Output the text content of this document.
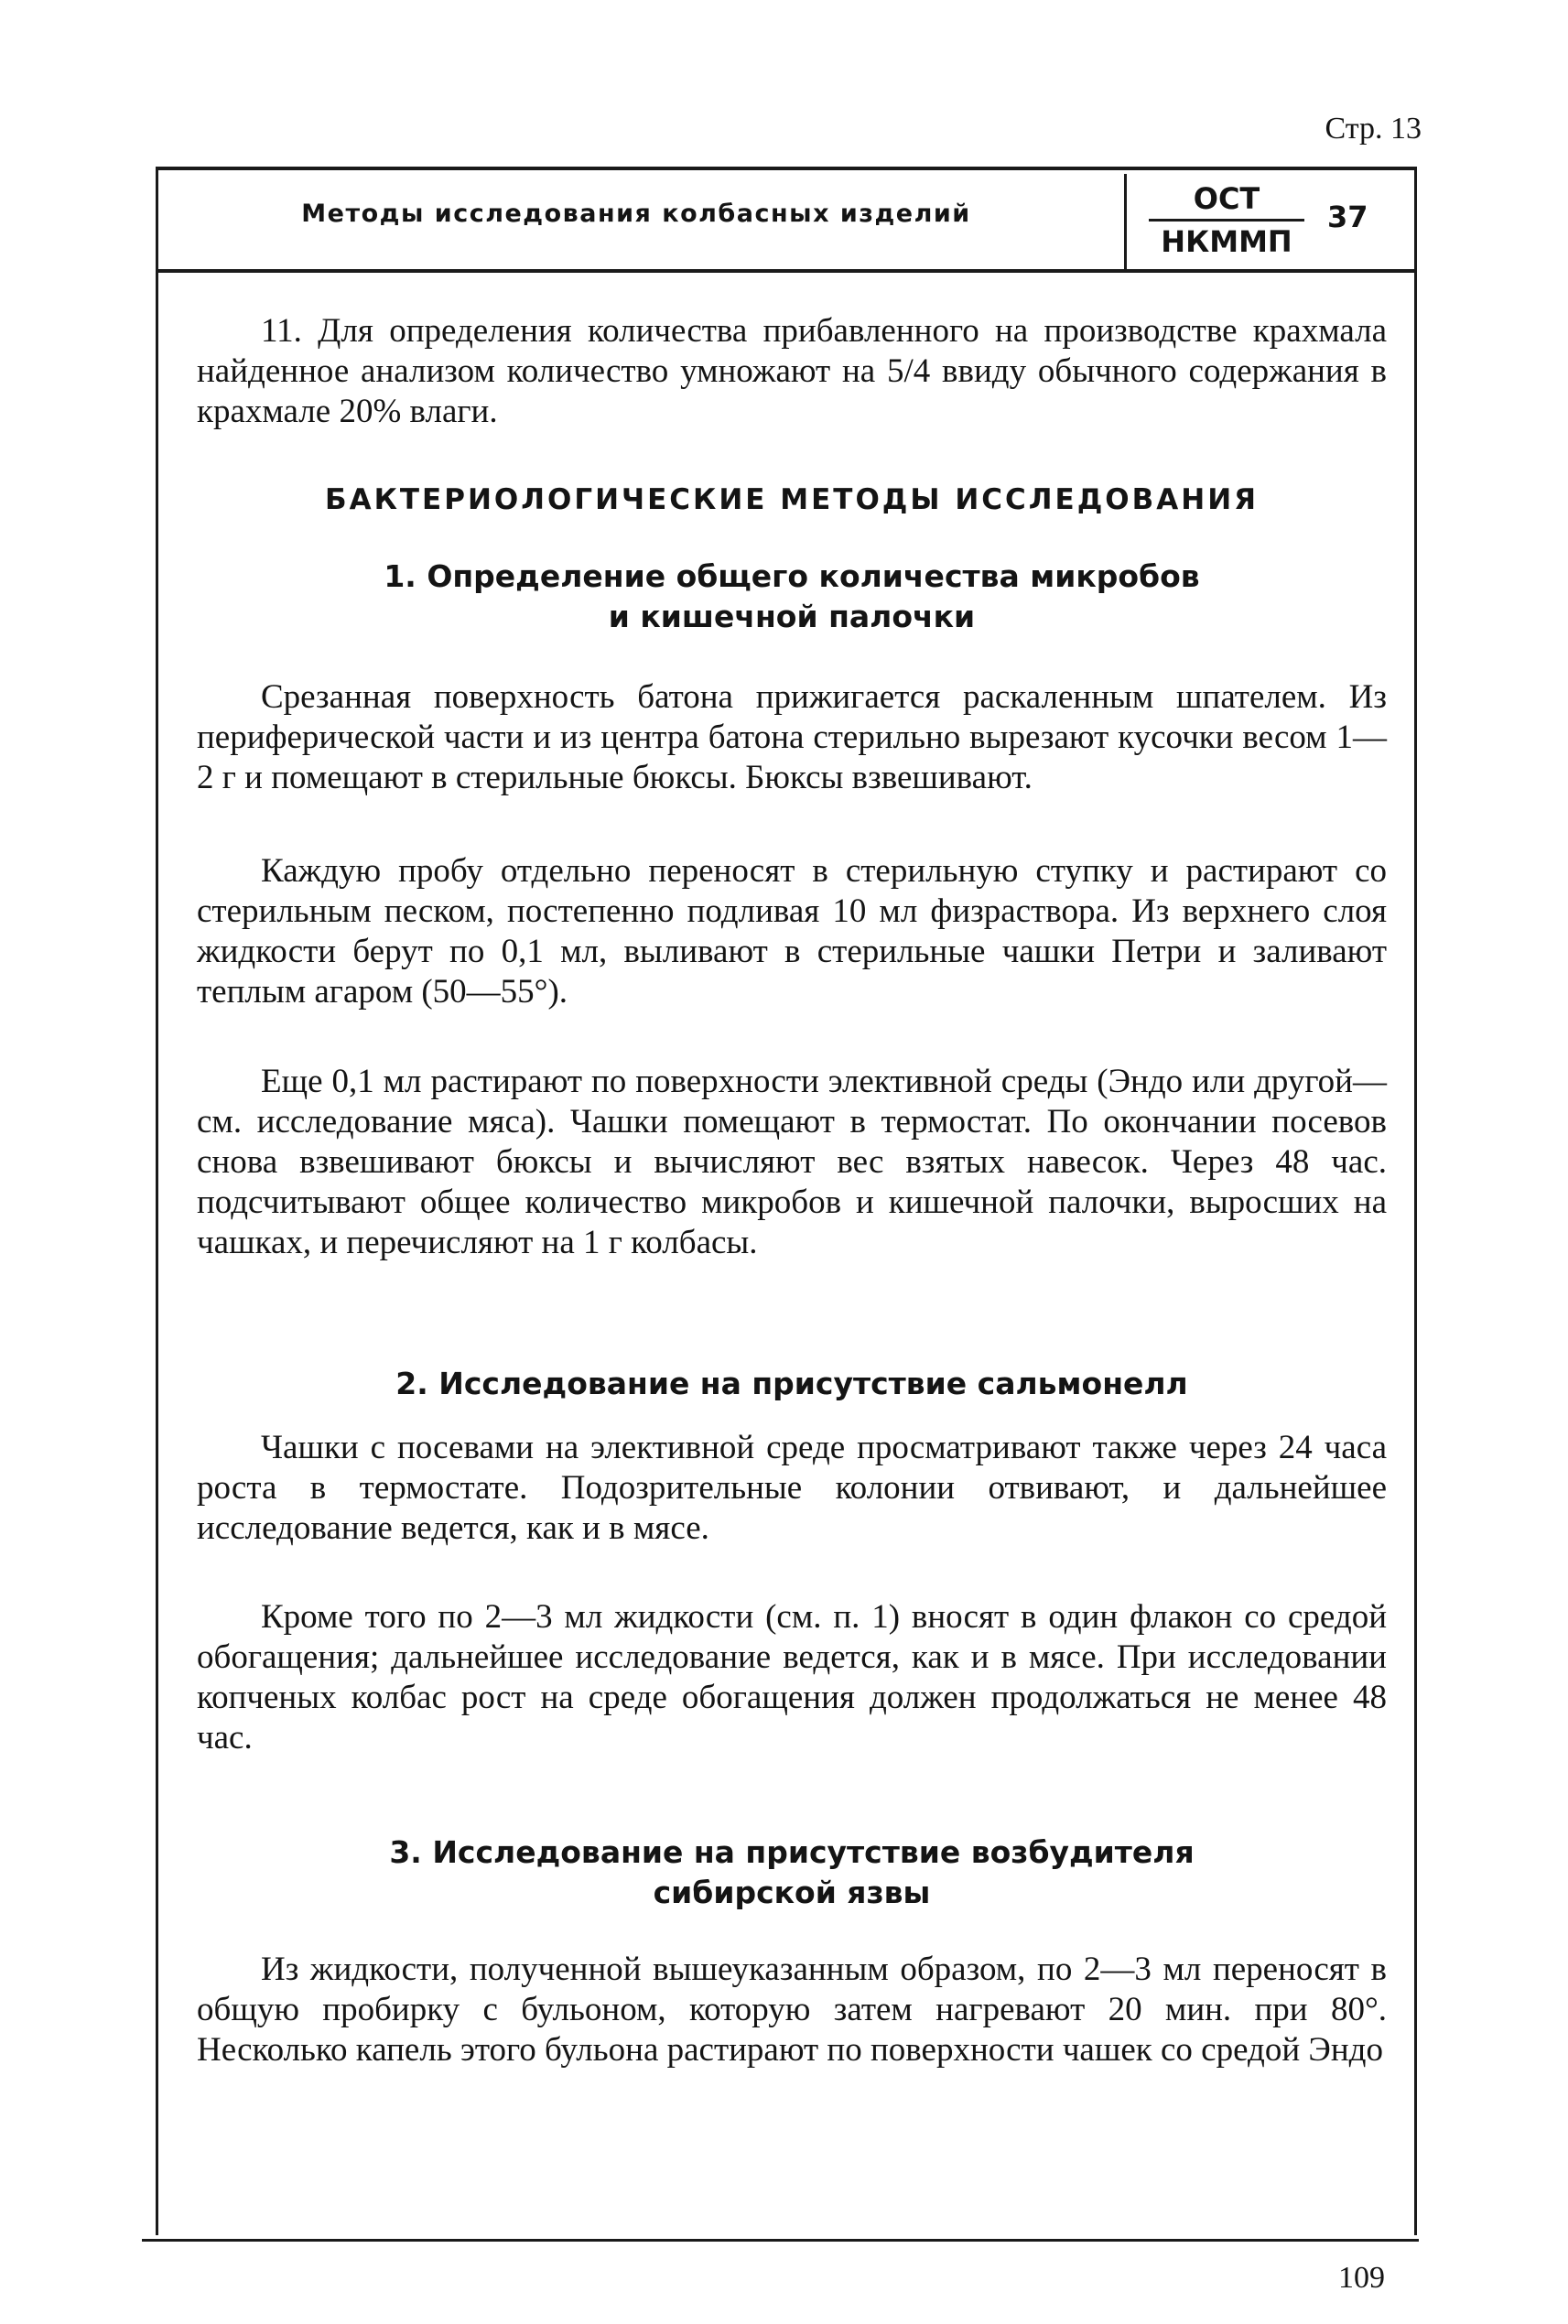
Стр. 13
Методы исследования колбасных изделий	ОСТ
НКММП
37

11. Для определения количества прибавленного на производстве крахмала найденное анализом количество умножают на 5/4 ввиду обычного содержания в крахмале 20% влаги.

БАКТЕРИОЛОГИЧЕСКИЕ МЕТОДЫ ИССЛЕДОВАНИЯ
1. Определение общего количества микробов
и кишечной палочки

Срезанная поверхность батона прижигается раскаленным шпателем. Из периферической части и из центра батона стерильно вырезают кусочки весом 1—2 г и помещают в стерильные бюксы. Бюксы взвешивают.

Каждую пробу отдельно переносят в стерильную ступку и растирают со стерильным песком, постепенно подливая 10 мл физраствора. Из верхнего слоя жидкости берут по 0,1 мл, выливают в стерильные чашки Петри и заливают теплым агаром (50—55°).

Еще 0,1 мл растирают по поверхности элективной среды (Эндо или другой—см. исследование мяса). Чашки помещают в термостат. По окончании посевов снова взвешивают бюксы и вычисляют вес взятых навесок. Через 48 час. подсчитывают общее количество микробов и кишечной палочки, выросших на чашках, и перечисляют на 1 г колбасы.

2. Исследование на присутствие сальмонелл

Чашки с посевами на элективной среде просматривают также через 24 часа роста в термостате. Подозрительные колонии отвивают, и дальнейшее исследование ведется, как и в мясе.

Кроме того по 2—3 мл жидкости (см. п. 1) вносят в один флакон со средой обогащения; дальнейшее исследование ведется, как и в мясе. При исследовании копченых колбас рост на среде обогащения должен продолжаться не менее 48 час.

3. Исследование на присутствие возбудителя
сибирской язвы

Из жидкости, полученной вышеуказанным образом, по 2—3 мл переносят в общую пробирку с бульоном, которую затем нагревают 20 мин. при 80°. Несколько капель этого бульона растирают по поверхности чашек со средой Эндо

109
